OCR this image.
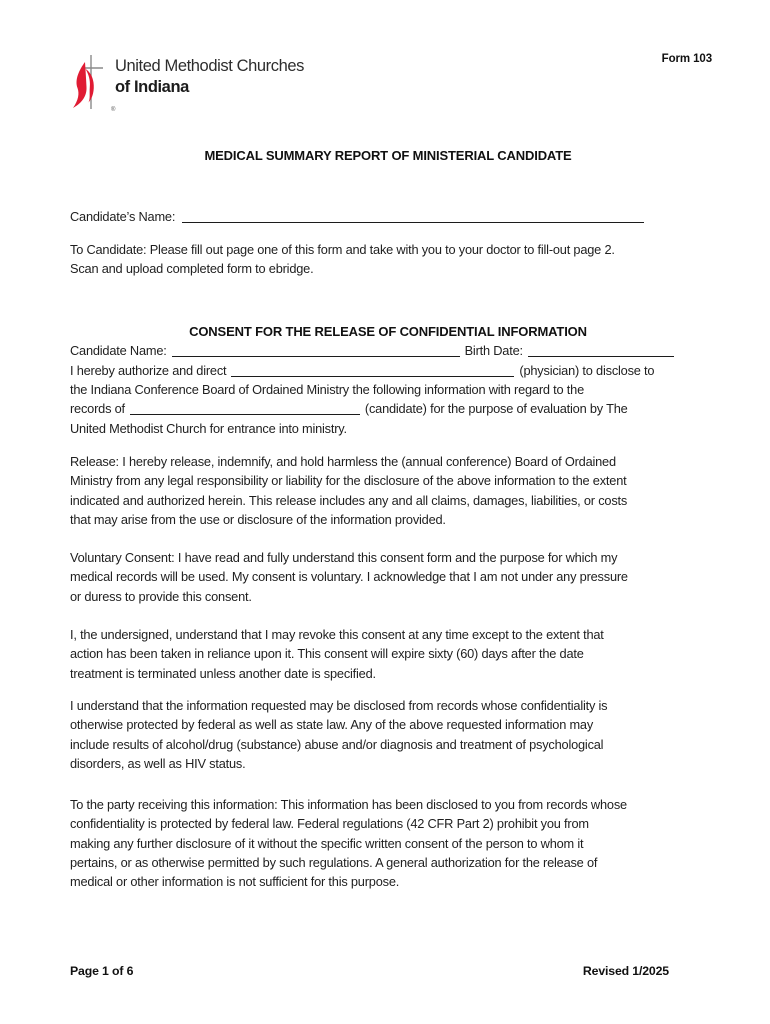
®
United Methodist Churches
of Indiana
Form 103
MEDICAL SUMMARY REPORT OF MINISTERIAL CANDIDATE
Candidate’s Name:
To Candidate: Please fill out page one of this form and take with you to your doctor to fill-out page 2.
Scan and upload completed form to ebridge.
CONSENT FOR THE RELEASE OF CONFIDENTIAL INFORMATION
Candidate Name:	Birth Date:
I hereby authorize and direct	(physician) to disclose to
the Indiana Conference Board of Ordained Ministry the following information with regard to the
records of	(candidate) for the purpose of evaluation by The
United Methodist Church for entrance into ministry.
Release: I hereby release, indemnify, and hold harmless the (annual conference) Board of Ordained
Ministry from any legal responsibility or liability for the disclosure of the above information to the extent
indicated and authorized herein. This release includes any and all claims, damages, liabilities, or costs
that may arise from the use or disclosure of the information provided.
Voluntary Consent: I have read and fully understand this consent form and the purpose for which my
medical records will be used. My consent is voluntary. I acknowledge that I am not under any pressure
or duress to provide this consent.
I, the undersigned, understand that I may revoke this consent at any time except to the extent that
action has been taken in reliance upon it. This consent will expire sixty (60) days after the date
treatment is terminated unless another date is specified.
I understand that the information requested may be disclosed from records whose confidentiality is
otherwise protected by federal as well as state law. Any of the above requested information may
include results of alcohol/drug (substance) abuse and/or diagnosis and treatment of psychological
disorders, as well as HIV status.
To the party receiving this information: This information has been disclosed to you from records whose
confidentiality is protected by federal law. Federal regulations (42 CFR Part 2) prohibit you from
making any further disclosure of it without the specific written consent of the person to whom it
pertains, or as otherwise permitted by such regulations. A general authorization for the release of
medical or other information is not sufficient for this purpose.
Page 1 of 6	Revised 1/2025
